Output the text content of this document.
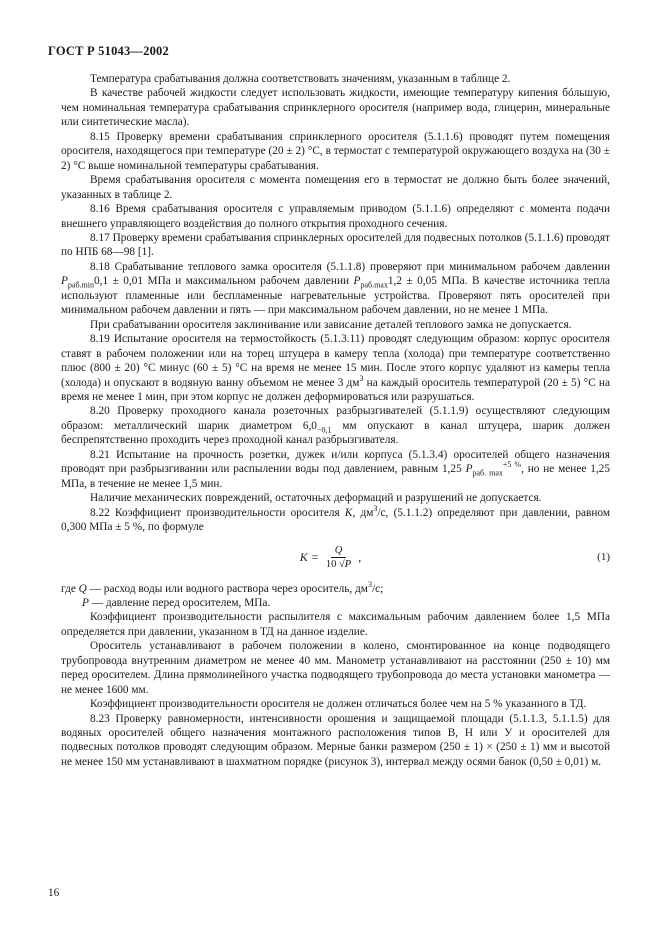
ГОСТ Р 51043—2002

Температура срабатывания должна соответствовать значениям, указанным в таблице 2.

В качестве рабочей жидкости следует использовать жидкости, имеющие температуру кипения бóльшую, чем номинальная температура срабатывания спринклерного оросителя (например вода, глицерин, минеральные или синтетические масла).

8.15 Проверку времени срабатывания спринклерного оросителя (5.1.1.6) проводят путем помещения оросителя, находящегося при температуре (20 ± 2) °C, в термостат с температурой окружающего воздуха на (30 ± 2) °C выше номинальной температуры срабатывания.

Время срабатывания оросителя с момента помещения его в термостат не должно быть более значений, указанных в таблице 2.

8.16 Время срабатывания оросителя с управляемым приводом (5.1.1.6) определяют с момента подачи внешнего управляющего воздействия до полного открытия проходного сечения.

8.17 Проверку времени срабатывания спринклерных оросителей для подвесных потолков (5.1.1.6) проводят по НПБ 68—98 [1].

8.18 Срабатывание теплового замка оросителя (5.1.1.8) проверяют при минимальном рабочем давлении $P_{раб.min}0,1 \pm 0,01$ МПа и максимальном рабочем давлении $P_{раб.max}1,2 \pm 0,05$ МПа. В качестве источника тепла используют пламенные или беспламенные нагревательные устройства. Проверяют пять оросителей при минимальном рабочем давлении и пять — при максимальном рабочем давлении, но не менее 1 МПа.

При срабатывании оросителя заклинивание или зависание деталей теплового замка не допускается.

8.19 Испытание оросителя на термостойкость (5.1.3.11) проводят следующим образом: корпус оросителя ставят в рабочем положении или на торец штуцера в камеру тепла (холода) при температуре соответственно плюс (800 ± 20) °C минус (60 ± 5) °C на время не менее 15 мин. После этого корпус удаляют из камеры тепла (холода) и опускают в водяную ванну объемом не менее 3 $дм^3$ на каждый ороситель температурой (20 ± 5) °C на время не менее 1 мин, при этом корпус не должен деформироваться или разрушаться.

8.20 Проверку проходного канала розеточных разбрызгивателей (5.1.1.9) осуществляют следующим образом: металлический шарик диаметром $6,0_{-0,1}$ мм опускают в канал штуцера, шарик должен беспрепятственно проходить через проходной канал разбрызгивателя.

8.21 Испытание на прочность розетки, дужек и/или корпуса (5.1.3.4) оросителей общего назначения проводят при разбрызгивании или распылении воды под давлением, равным 1,25 $P_{раб. max}^{+5 \%}$, но не менее 1,25 МПа, в течение не менее 1,5 мин.

Наличие механических повреждений, остаточных деформаций и разрушений не допускается.

8.22 Коэффициент производительности оросителя K, $дм^3/c$, (5.1.1.2) определяют при давлении, равном 0,300 МПа ± 5 %, по формуле

$K = \frac{Q}{10 √P}$ ,	(1)

где Q — расход воды или водного раствора через ороситель, $дм^3/c$;

P — давление перед оросителем, МПа.

Коэффициент производительности распылителя с максимальным рабочим давлением более 1,5 МПа определяется при давлении, указанном в ТД на данное изделие.

Ороситель устанавливают в рабочем положении в колено, смонтированное на конце подводящего трубопровода внутренним диаметром не менее 40 мм. Манометр устанавливают на расстоянии (250 ± 10) мм перед оросителем. Длина прямолинейного участка подводящего трубопровода до места установки манометра — не менее 1600 мм.

Коэффициент производительности оросителя не должен отличаться более чем на 5 % указанного в ТД.

8.23 Проверку равномерности, интенсивности орошения и защищаемой площади (5.1.1.3, 5.1.1.5) для водяных оросителей общего назначения монтажного расположения типов В, Н или У и оросителей для подвесных потолков проводят следующим образом. Мерные банки размером (250 ± 1) × (250 ± 1) мм и высотой не менее 150 мм устанавливают в шахматном порядке (рисунок 3), интервал между осями банок (0,50 ± 0,01) м.

16
